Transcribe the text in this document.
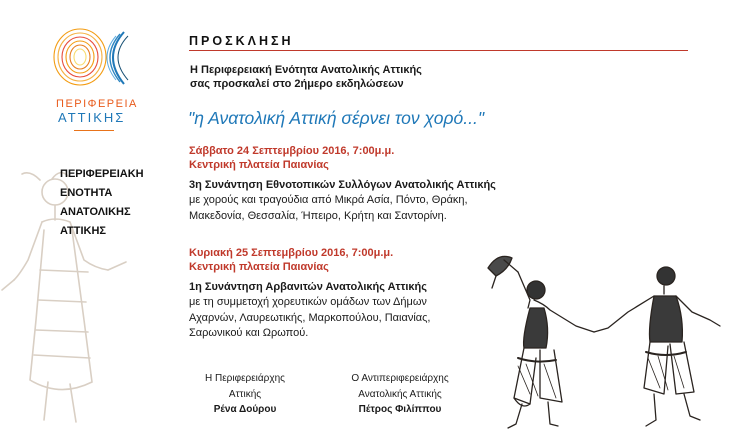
ΠΕΡΙΦΕΡΕΙΑ
ΑΤΤΙΚΗΣ
ΠΕΡΙΦΕΡΕΙΑΚΗ
ΕΝΟΤΗΤΑ
ΑΝΑΤΟΛΙΚΗΣ
ΑΤΤΙΚΗΣ
ΠΡΟΣΚΛΗΣΗ
Η Περιφερειακή Ενότητα Ανατολικής Αττικής
σας προσκαλεί στο 2ήμερο εκδηλώσεων
"η Ανατολική Αττική σέρνει τον χορό..."
Σάββατο 24 Σεπτεμβρίου 2016, 7:00μ.μ.
Κεντρική πλατεία Παιανίας
3η Συνάντηση Εθνοτοπικών Συλλόγων Ανατολικής Αττικής
με χορούς και τραγούδια από Μικρά Ασία, Πόντο, Θράκη,
Μακεδονία, Θεσσαλία, Ήπειρο, Κρήτη και Σαντορίνη.
Κυριακή 25 Σεπτεμβρίου 2016, 7:00μ.μ.
Κεντρική πλατεία Παιανίας
1η Συνάντηση Αρβανιτών Ανατολικής Αττικής
με τη συμμετοχή χορευτικών ομάδων των Δήμων
Αχαρνών, Λαυρεωτικής, Μαρκοπούλου, Παιανίας,
Σαρωνικού και Ωρωπού.
Η Περιφερειάρχης
Αττικής
Ρένα Δούρου
Ο Αντιπεριφερειάρχης
Ανατολικής Αττικής
Πέτρος Φιλίππου
